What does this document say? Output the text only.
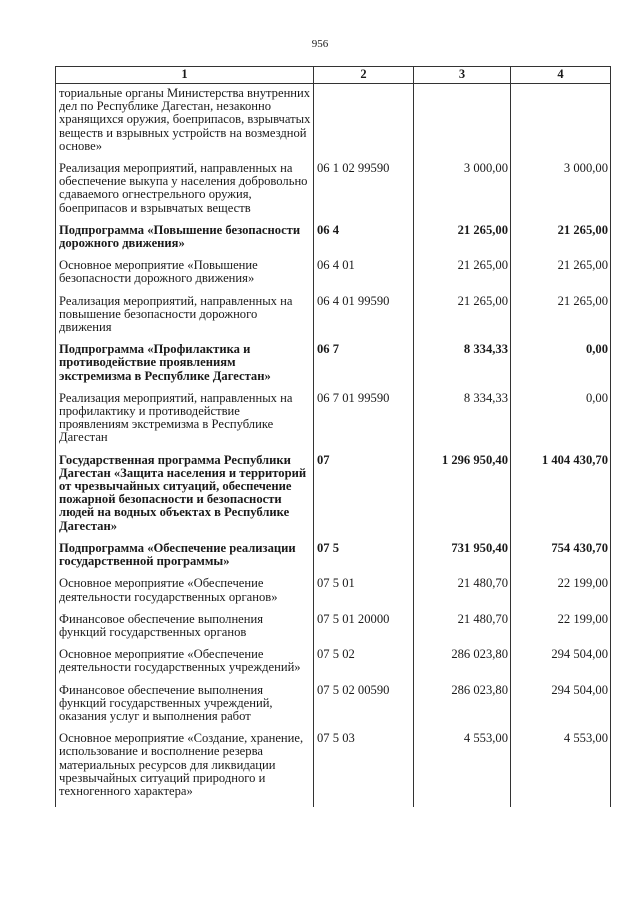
956
1	2	3	4
ториальные органы Министерства внутренних дел по Республике Дагестан, незаконно хранящихся оружия, боеприпасов, взрывчатых веществ и взрывных устройств на возмездной основе»			
Реализация мероприятий, направленных на обеспечение выкупа у населения добровольно сдаваемого огнестрельного оружия, боеприпасов и взрывчатых веществ	06 1 02 99590	3 000,00	3 000,00
Подпрограмма «Повышение безопасности дорожного движения»	06 4	21 265,00	21 265,00
Основное мероприятие «Повышение безопасности дорожного движения»	06 4 01	21 265,00	21 265,00
Реализация мероприятий, направленных на повышение безопасности дорожного движения	06 4 01 99590	21 265,00	21 265,00
Подпрограмма «Профилактика и противодействие проявлениям экстремизма в Республике Дагестан»	06 7	8 334,33	0,00
Реализация мероприятий, направленных на профилактику и противодействие проявлениям экстремизма в Республике Дагестан	06 7 01 99590	8 334,33	0,00
Государственная программа Республики Дагестан «Защита населения и территорий от чрезвычайных ситуаций, обеспечение пожарной безопасности и безопасности людей на водных объектах в Республике Дагестан»	07	1 296 950,40	1 404 430,70
Подпрограмма «Обеспечение реализации государственной программы»	07 5	731 950,40	754 430,70
Основное мероприятие «Обеспечение деятельности государственных органов»	07 5 01	21 480,70	22 199,00
Финансовое обеспечение выполнения функций государственных органов	07 5 01 20000	21 480,70	22 199,00
Основное мероприятие «Обеспечение деятельности государственных учреждений»	07 5 02	286 023,80	294 504,00
Финансовое обеспечение выполнения функций государственных учреждений, оказания услуг и выполнения работ	07 5 02 00590	286 023,80	294 504,00
Основное мероприятие «Создание, хранение, использование и восполнение резерва материальных ресурсов для ликвидации чрезвычайных ситуаций природного и техногенного характера»	07 5 03	4 553,00	4 553,00
